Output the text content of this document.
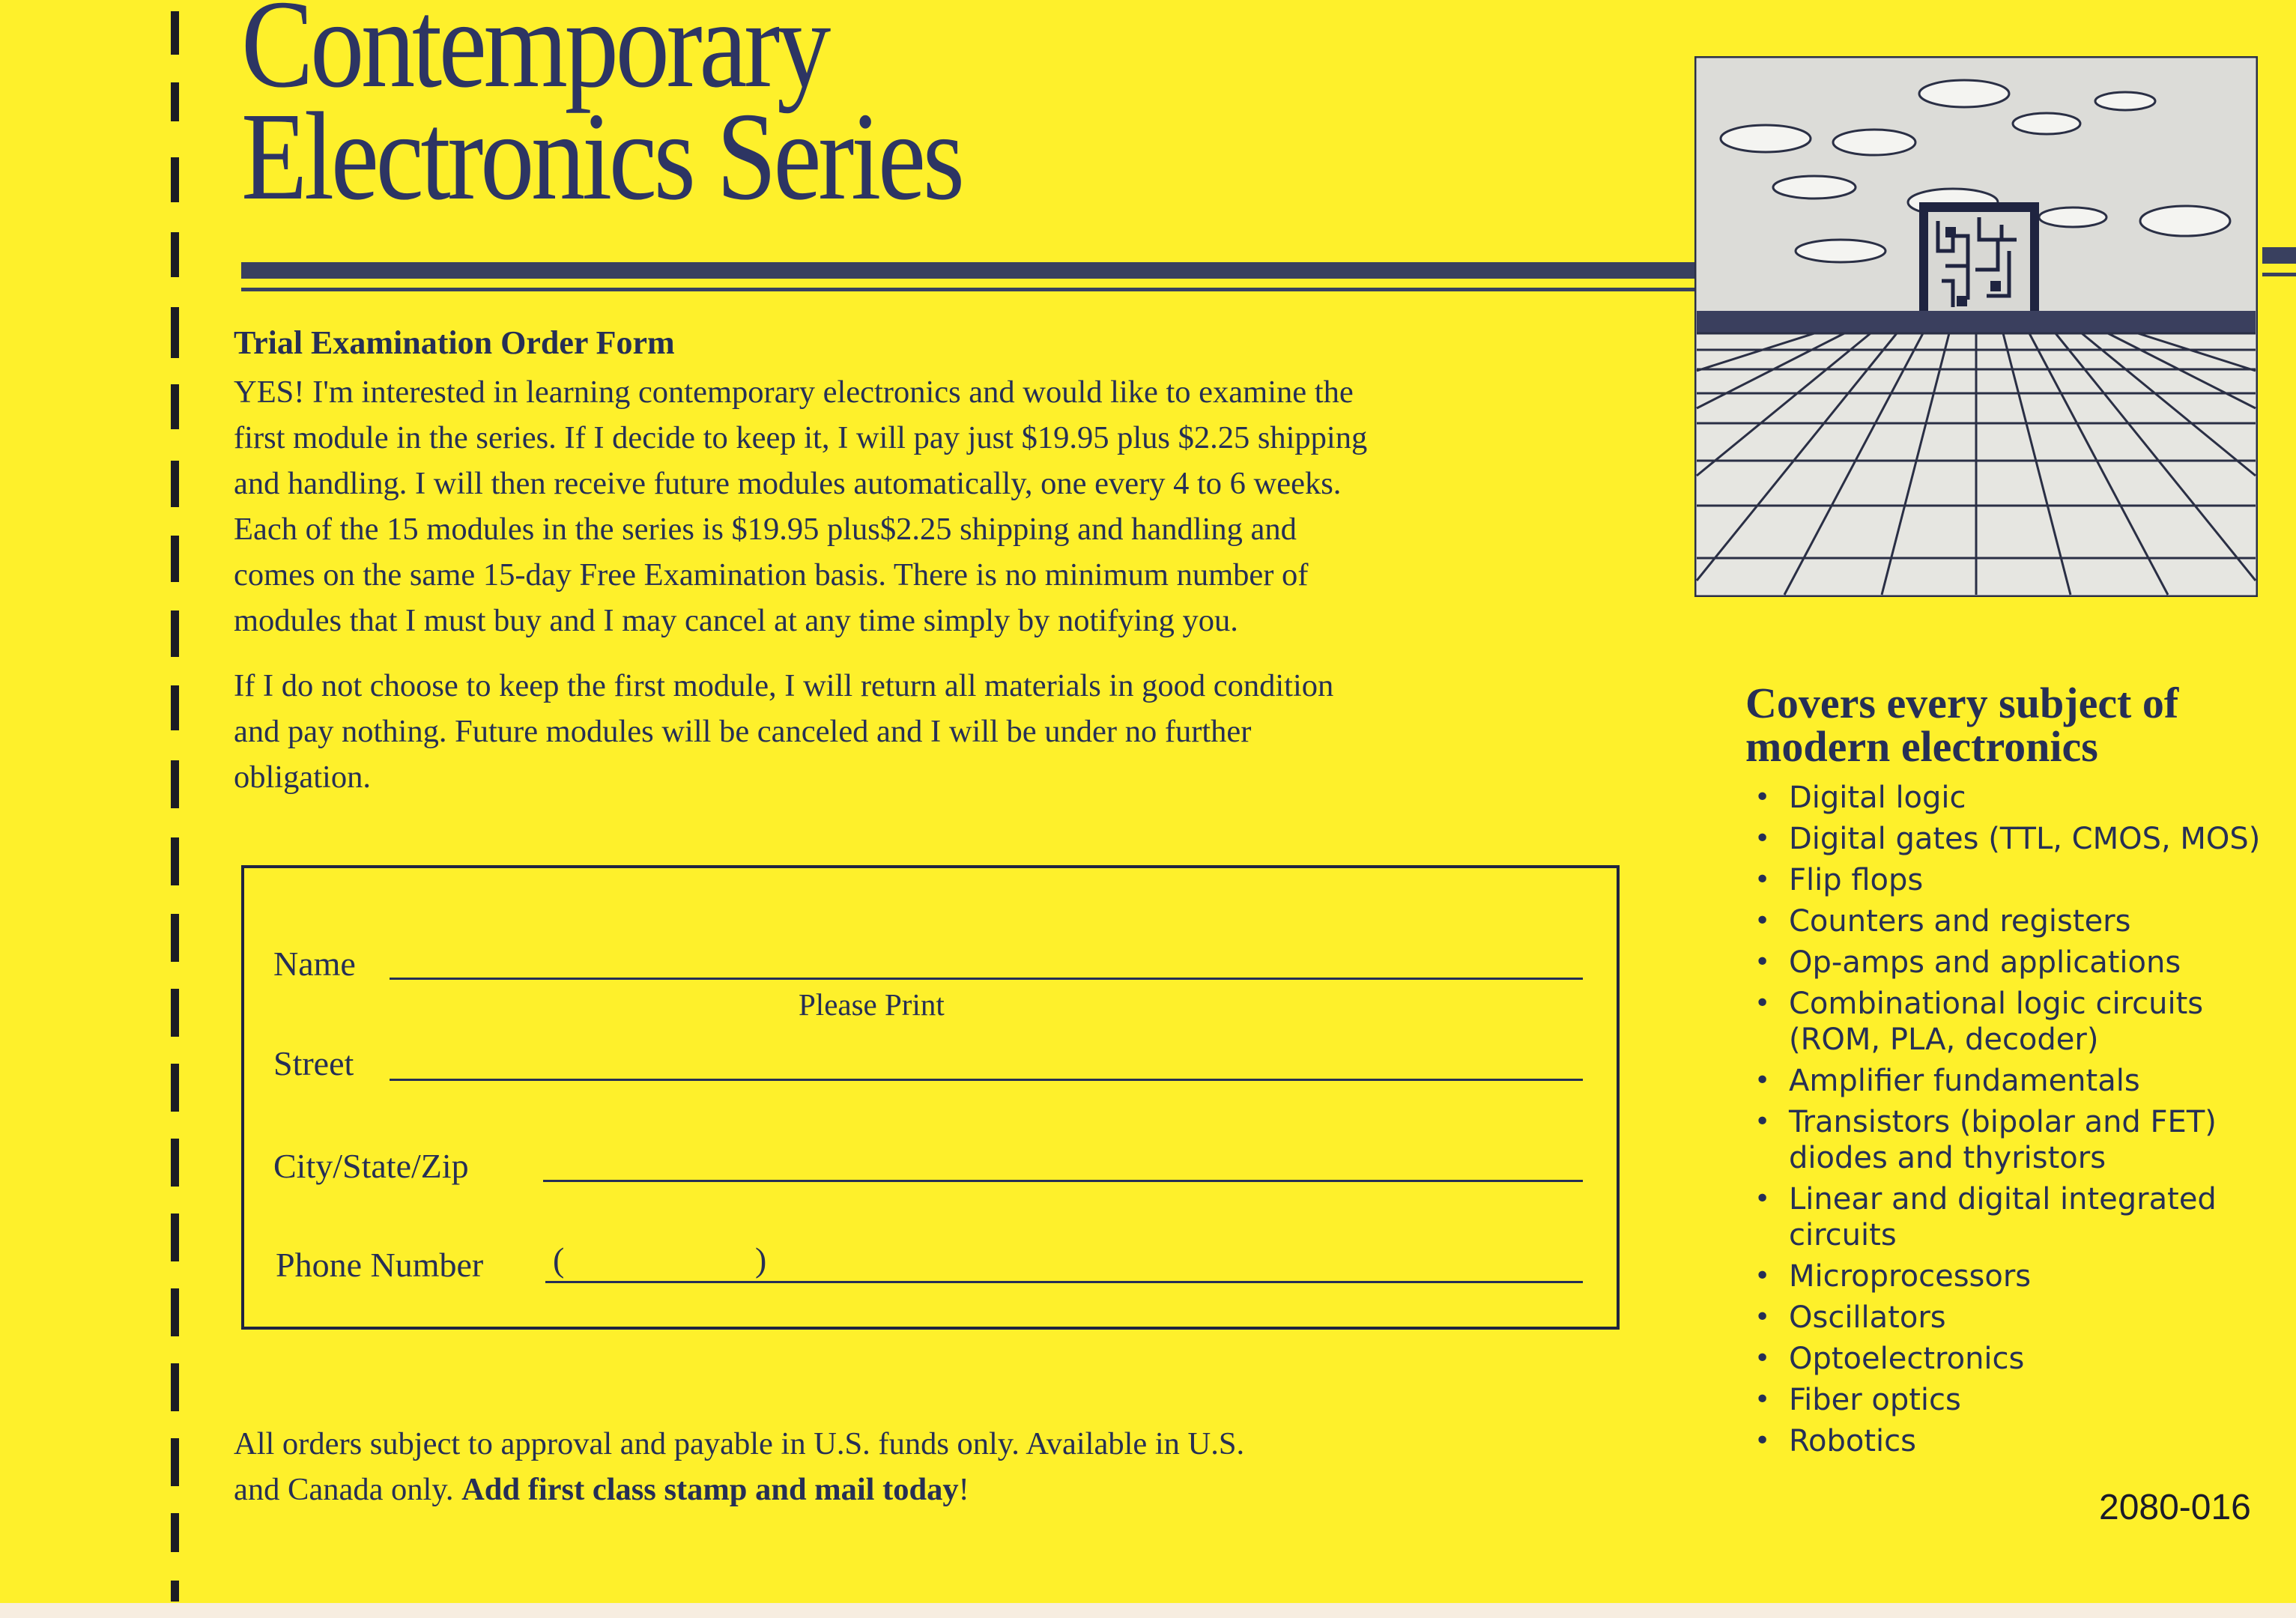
Contemporary
Electronics Series
Trial Examination Order Form
YES! I'm interested in learning contemporary electronics and would like to examine the
first module in the series. If I decide to keep it, I will pay just $19.95 plus $2.25 shipping
and handling. I will then receive future modules automatically, one every 4 to 6 weeks.
Each of the 15 modules in the series is $19.95 plus$2.25 shipping and handling and
comes on the same 15-day Free Examination basis. There is no minimum number of
modules that I must buy and I may cancel at any time simply by notifying you.
If I do not choose to keep the first module, I will return all materials in good condition
and pay nothing. Future modules will be canceled and I will be under no further
obligation.
Name
Please Print
Street
City/State/Zip
Phone Number (	)
All orders subject to approval and payable in U.S. funds only. Available in U.S.
and Canada only. Add first class stamp and mail today!
Covers every subject of
modern electronics
• Digital logic
• Digital gates (TTL, CMOS, MOS)
• Flip flops
• Counters and registers
• Op-amps and applications
• Combinational logic circuits (ROM, PLA, decoder)
• Amplifier fundamentals
• Transistors (bipolar and FET) diodes and thyristors
• Linear and digital integrated circuits
• Microprocessors
• Oscillators
• Optoelectronics
• Fiber optics
• Robotics

2080-016
